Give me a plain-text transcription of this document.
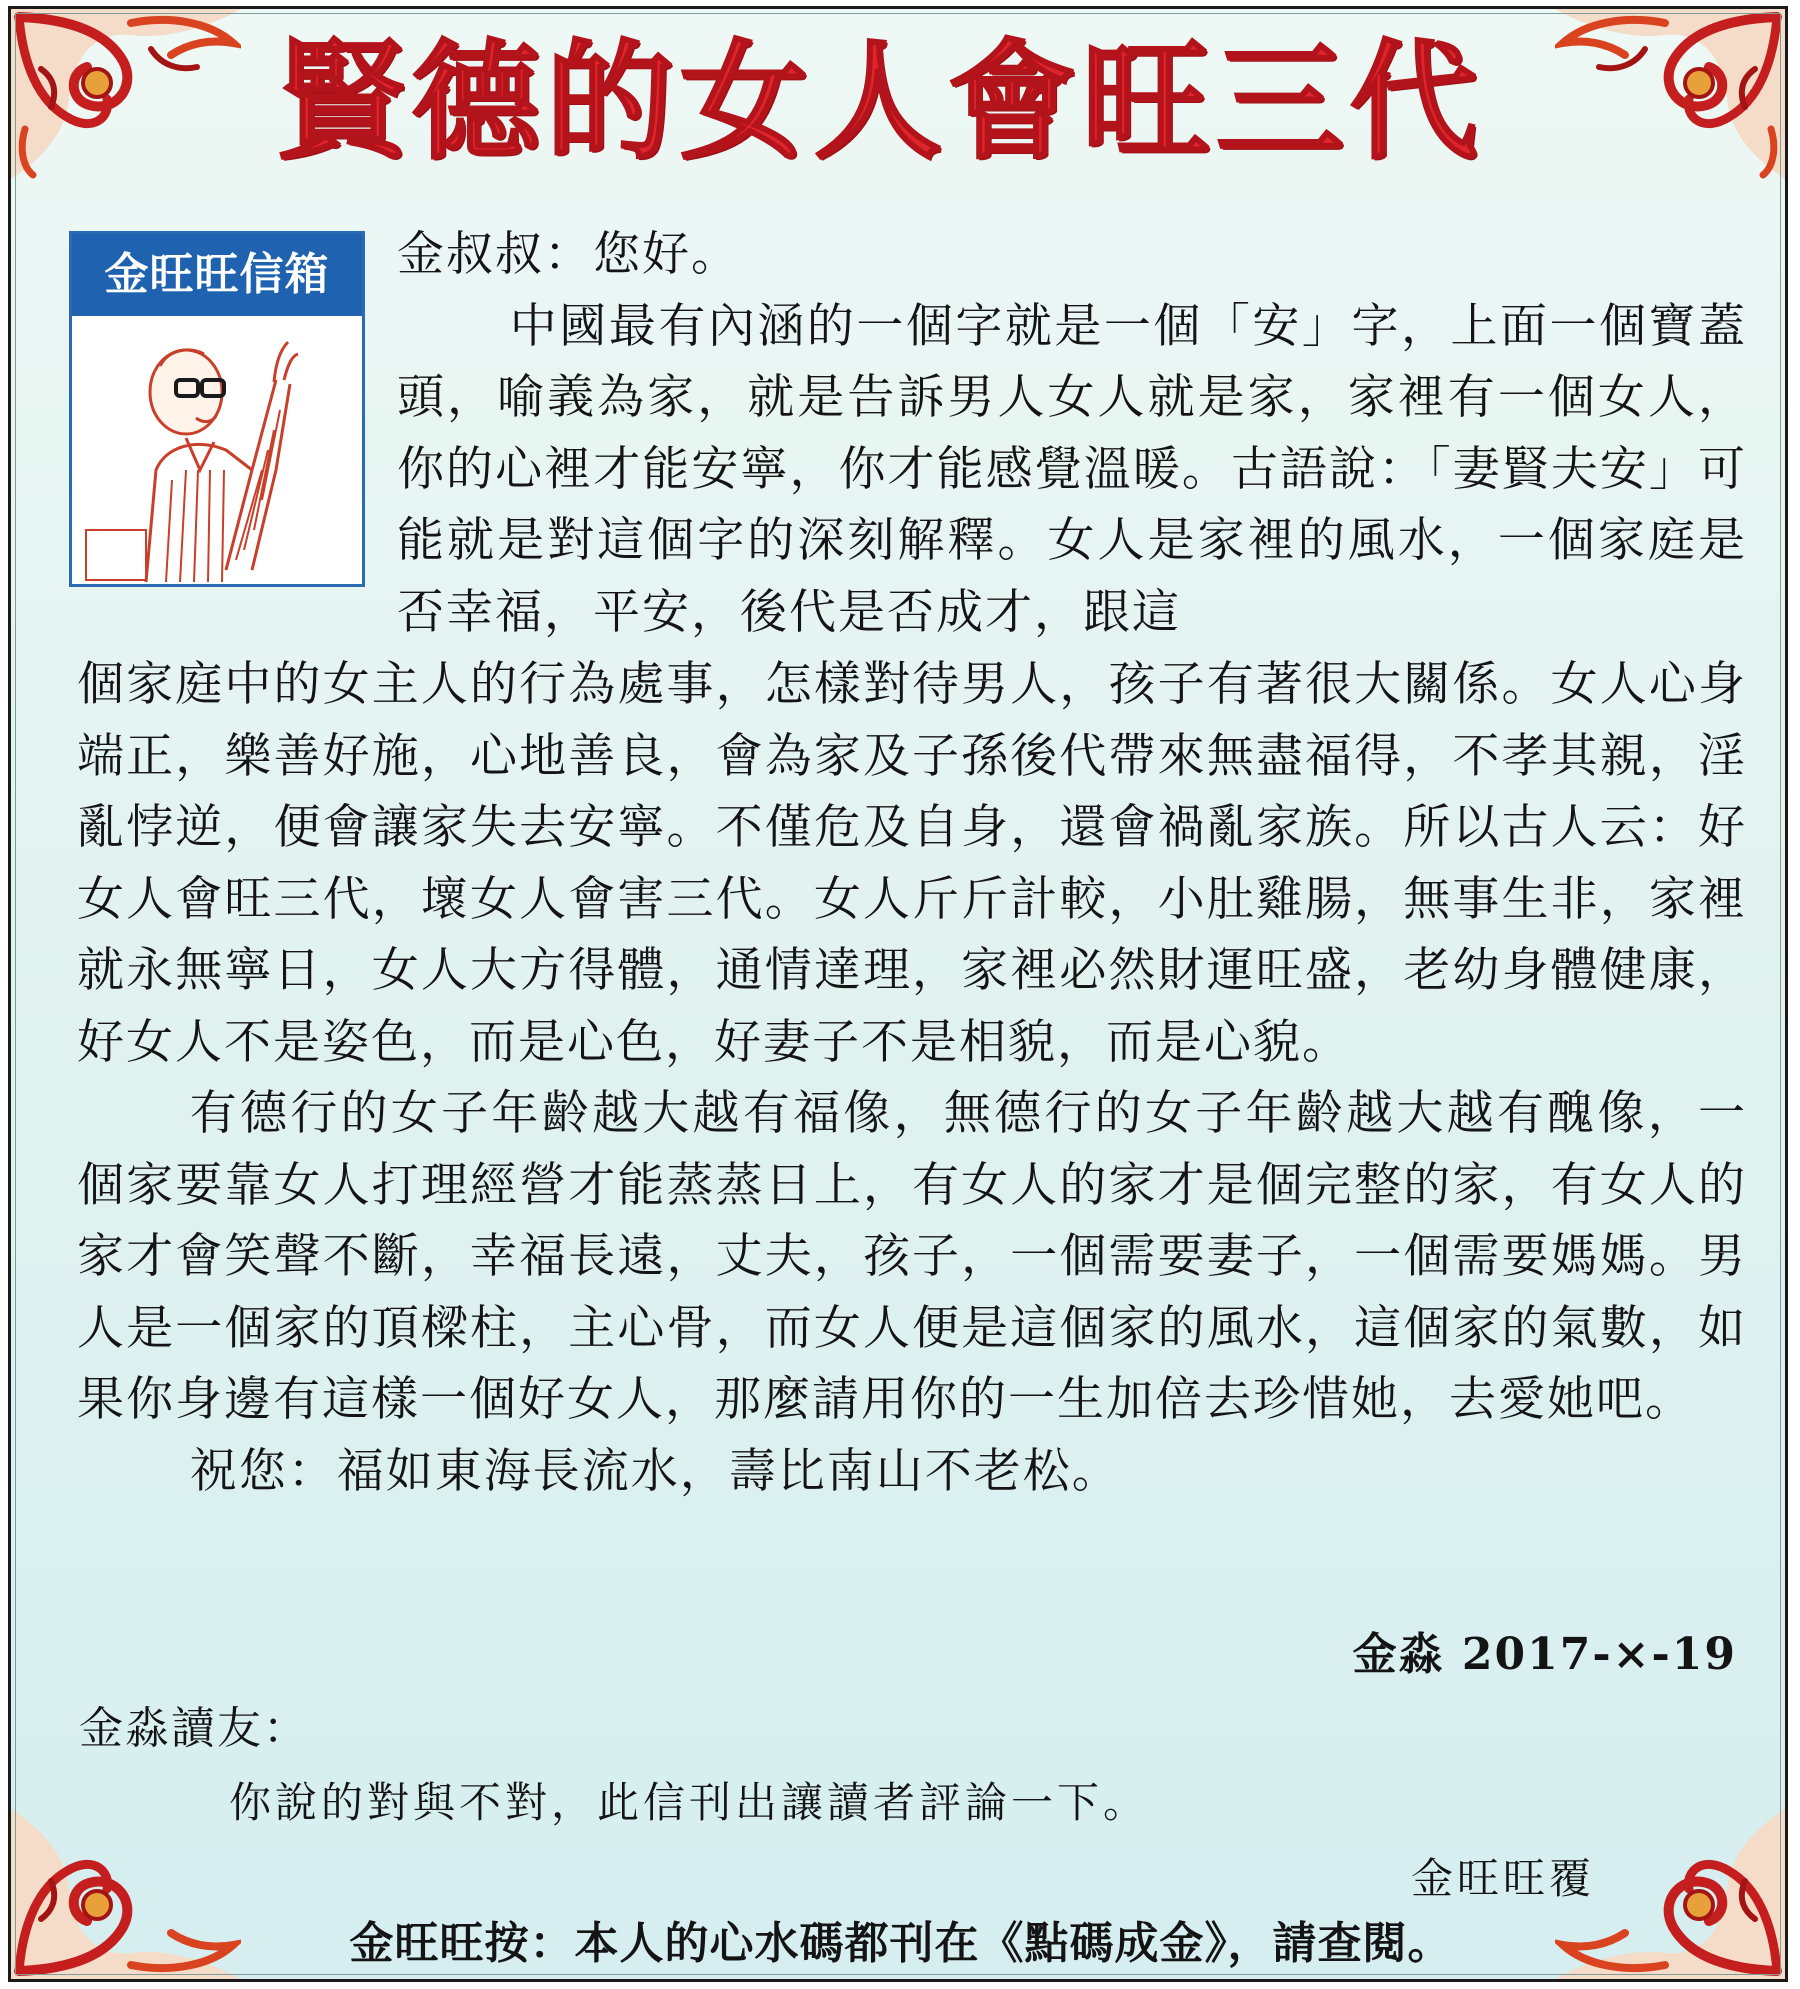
賢德的女人會旺三代
金旺旺信箱	金叔叔：您好。

中國最有內涵的一個字就是一個「安」字，上面一個寶蓋頭，喻義為家，就是告訴男人女人就是家，家裡有一個女人，你的心裡才能安寧，你才能感覺溫暖。古語說：「妻賢夫安」可能就是對這個字的深刻解釋。女人是家裡的風水，一個家庭是否幸福，平安，後代是否成才，跟這

個家庭中的女主人的行為處事，怎樣對待男人，孩子有著很大關係。女人心身端正，樂善好施，心地善良，會為家及子孫後代帶來無盡福得，不孝其親，淫亂悖逆，便會讓家失去安寧。不僅危及自身，還會禍亂家族。所以古人云：好女人會旺三代，壞女人會害三代。女人斤斤計較，小肚雞腸，無事生非，家裡就永無寧日，女人大方得體，通情達理，家裡必然財運旺盛，老幼身體健康，好女人不是姿色，而是心色，好妻子不是相貌，而是心貌。

有德行的女子年齡越大越有福像，無德行的女子年齡越大越有醜像，一個家要靠女人打理經營才能蒸蒸日上，有女人的家才是個完整的家，有女人的家才會笑聲不斷，幸福長遠，丈夫，孩子，一個需要妻子，一個需要媽媽。男人是一個家的頂樑柱，主心骨，而女人便是這個家的風水，這個家的氣數，如果你身邊有這樣一個好女人，那麼請用你的一生加倍去珍惜她，去愛她吧。

祝您：福如東海長流水，壽比南山不老松。

金淼 2017-×-19
金淼讀友：
你說的對與不對，此信刊出讓讀者評論一下。
金旺旺覆
金旺旺按：本人的心水碼都刊在《點碼成金》，請查閱。
